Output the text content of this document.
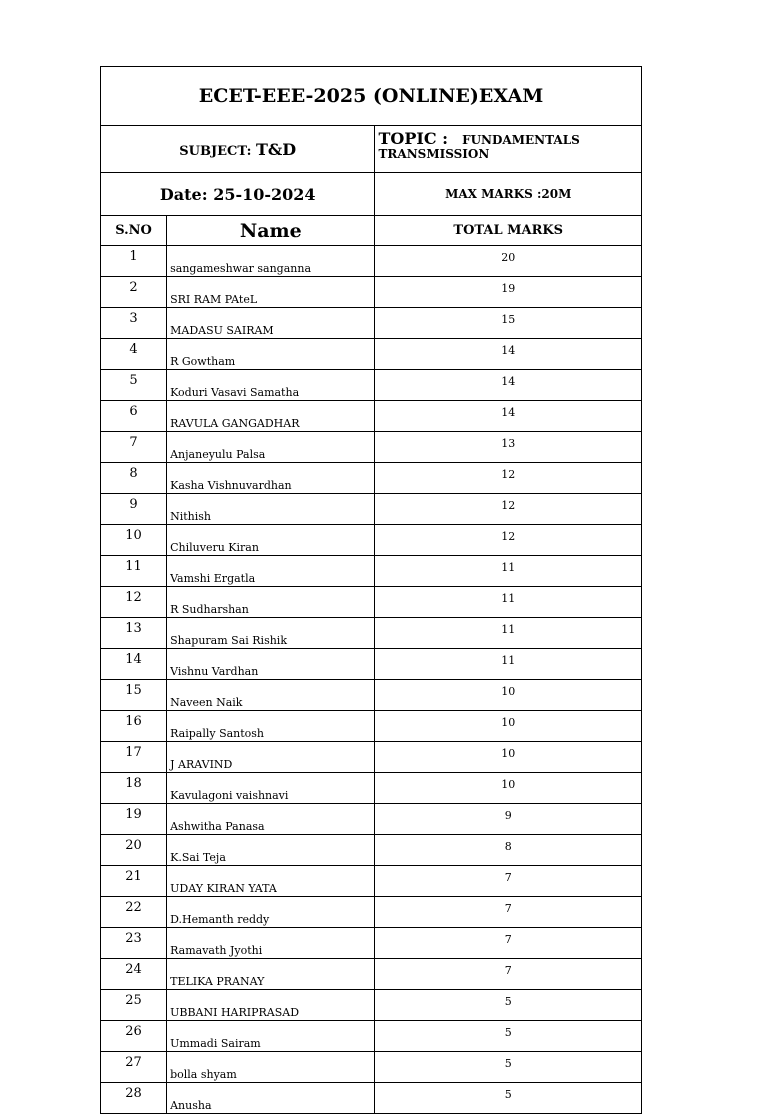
ECET-EEE-2025 (ONLINE)EXAM		
SUBJECT: T&D		TOPIC : FUNDAMENTALS
TRANSMISSION
Date: 25-10-2024		MAX MARKS :20M
S.NO	Name	TOTAL MARKS
1	sangameshwar sanganna	20
2	SRI RAM PAteL	19
3	MADASU SAIRAM	15
4	R Gowtham	14
5	Koduri Vasavi Samatha	14
6	RAVULA GANGADHAR	14
7	Anjaneyulu Palsa	13
8	Kasha Vishnuvardhan	12
9	Nithish	12
10	Chiluveru Kiran	12
11	Vamshi Ergatla	11
12	R Sudharshan	11
13	Shapuram Sai Rishik	11
14	Vishnu Vardhan	11
15	Naveen Naik	10
16	Raipally Santosh	10
17	J ARAVIND	10
18	Kavulagoni vaishnavi	10
19	Ashwitha Panasa	9
20	K.Sai Teja	8
21	UDAY KIRAN YATA	7
22	D.Hemanth reddy	7
23	Ramavath Jyothi	7
24	TELIKA PRANAY	7
25	UBBANI HARIPRASAD	5
26	Ummadi Sairam	5
27	bolla shyam	5
28	Anusha	5
